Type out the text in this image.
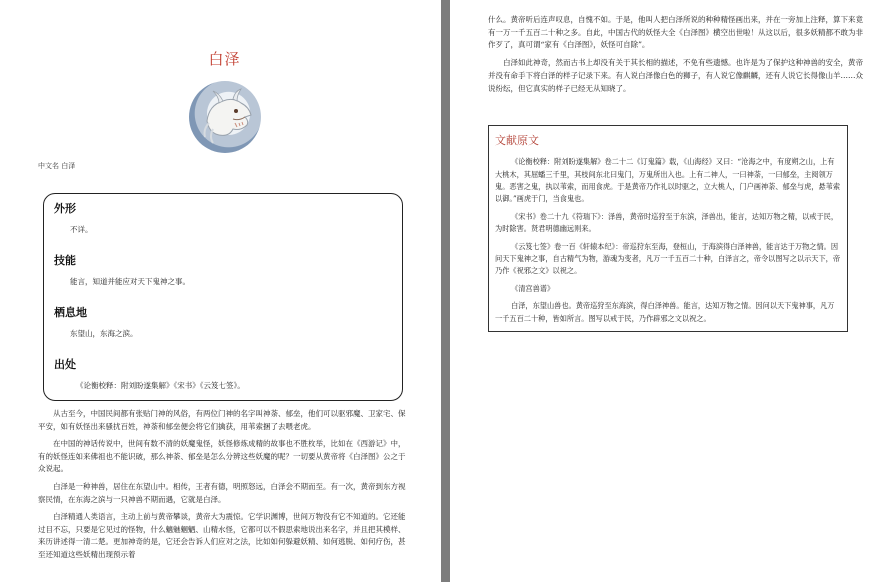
白泽
中文名 白泽
外形

不详。

技能

能言，知道并能应对天下鬼神之事。

栖息地

东望山，东海之滨。

出处

《论衡校释：附刘盼遂集解》《宋书》《云笈七签》。

从古至今，中国民间都有张贴门神的风俗，有两位门神的名字叫神荼、郁垒，他们可以驱邪魔、卫家宅、保平安，如有妖怪出来骚扰百姓，神荼和郁垒便会将它们擒获，用苇索捆了去喂老虎。

在中国的神话传说中，世间有数不清的妖魔鬼怪，妖怪修炼成精的故事也不胜枚举，比如在《西游记》中，有的妖怪连如来佛祖也不能识破，那么神荼、郁垒是怎么分辨这些妖魔的呢？一切要从黄帝将《白泽图》公之于众说起。

白泽是一种神兽，居住在东望山中。相传，王者有德，明照怒远，白泽会不期而至。有一次，黄帝到东方视察民情，在东海之滨与一只神兽不期而遇，它就是白泽。

白泽精通人类语言，主动上前与黄帝攀谈，黄帝大为震惊。它学识渊博，世间万物没有它不知道的。它还能过目不忘，只要是它见过的怪物，什么魑魅魍魉、山精水怪，它都可以不假思索地说出来名字，并且把其模样、来历讲述得一清二楚。更加神奇的是，它还会告诉人们应对之法，比如如何躲避妖精、如何逃脱、如何疗伤，甚至还知道这些妖精出现预示着

什么。黄帝听后连声叹息，自愧不如。于是，他叫人把白泽所说的种种精怪画出来，并在一旁加上注释，算下来竟有一万一千五百二十种之多。自此，中国古代的妖怪大全《白泽图》横空出世啦！从这以后，很多妖精都不敢为非作歹了，真可谓“家有《白泽图》，妖怪可自除”。

白泽如此神奇，然而古书上却没有关于其长相的描述，不免有些遗憾。也许是为了保护这种神兽的安全，黄帝并没有命手下将白泽的样子记录下来。有人说白泽像白色的狮子，有人说它像麒麟，还有人说它长得像山羊……众说纷纭，但它真实的样子已经无从知晓了。

文献原文

《论衡校释：附刘盼遂集解》卷二十二《订鬼篇》载，《山海经》又曰：“沧海之中，有度朔之山，上有大桃木，其屈蟠三千里，其枝间东北曰鬼门，万鬼所出入也。上有二神人，一曰神荼，一曰郁垒，主阅领万鬼。恶害之鬼，执以苇索，而用食虎。于是黄帝乃作礼以时驱之，立大桃人，门户画神荼、郁垒与虎，悬苇索以御。”画虎于门，当食鬼也。

《宋书》卷二十九《符瑞下》：泽兽，黄帝时巡狩至于东滨，泽兽出，能言，达知万物之精，以戒于民，为时除害。贤君明德幽远则来。

《云笈七签》卷一百《轩辕本纪》：帝巡狩东至海，登桓山，于海滨得白泽神兽，能言达于万物之情。因问天下鬼神之事，自古精气为物，游魂为变者，凡万一千五百二十种，白泽言之，帝令以图写之以示天下，帝乃作《祝邪之文》以祝之。

《清宫兽谱》

白泽，东望山兽也。黄帝巡狩至东海滨，得白泽神兽。能言，达知万物之情。因问以天下鬼神事，凡万一千五百二十种，皆如所言。图写以戒于民，乃作辟邪之文以祝之。
